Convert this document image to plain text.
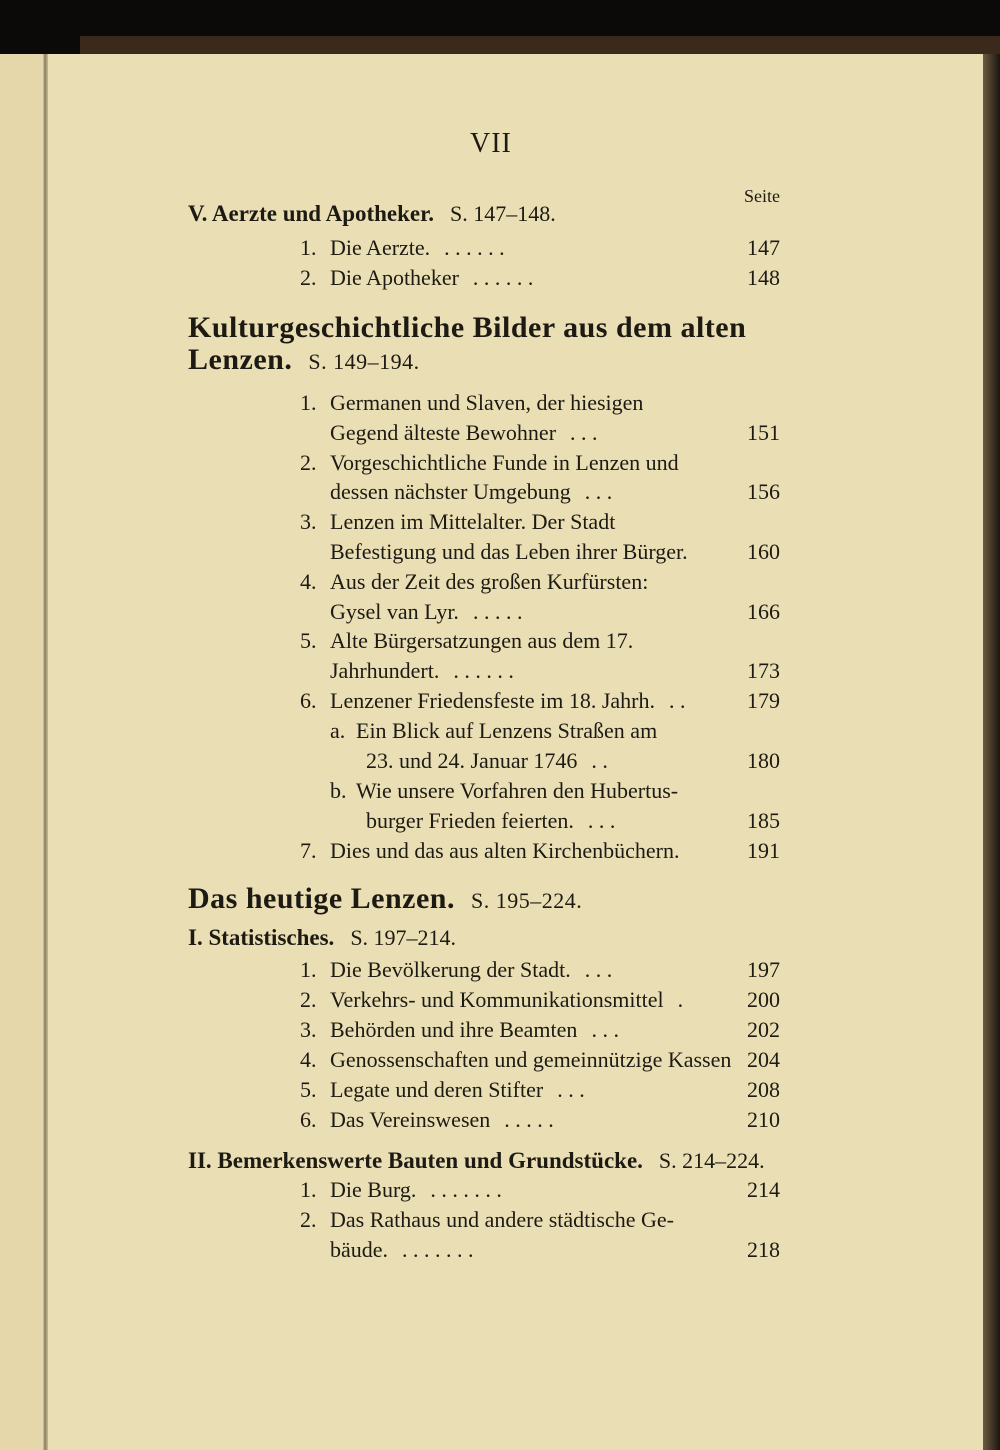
VII
Seite
V. Aerzte und Apotheker. S. 147–148.
1. Die Aerzte. . . . . . .	147
2. Die Apotheker . . . . . .	148
Kulturgeschichtliche Bilder aus dem alten
Lenzen. S. 149–194.
1. Germanen und Slaven, der hiesigen
Gegend älteste Bewohner . . .	151
2. Vorgeschichtliche Funde in Lenzen und
dessen nächster Umgebung . . .	156
3. Lenzen im Mittelalter. Der Stadt
Befestigung und das Leben ihrer Bürger.	160
4. Aus der Zeit des großen Kurfürsten:
Gysel van Lyr. . . . . .	166
5. Alte Bürgersatzungen aus dem 17.
Jahrhundert. . . . . . .	173
6. Lenzener Friedensfeste im 18. Jahrh. . .	179
a. Ein Blick auf Lenzens Straßen am
23. und 24. Januar 1746 . .	180
b. Wie unsere Vorfahren den Hubertus-
burger Frieden feierten. . . .	185
7. Dies und das aus alten Kirchenbüchern.	191
Das heutige Lenzen. S. 195–224.
I. Statistisches. S. 197–214.
1. Die Bevölkerung der Stadt. . . .	197
2. Verkehrs- und Kommunikationsmittel .	200
3. Behörden und ihre Beamten . . .	202
4. Genossenschaften und gemeinnützige Kassen 204
5. Legate und deren Stifter . . .	208
6. Das Vereinswesen . . . . .	210
II. Bemerkenswerte Bauten und Grundstücke. S. 214–224.
1. Die Burg. . . . . . . .	214
2. Das Rathaus und andere städtische Ge-
bäude. . . . . . . .	218
